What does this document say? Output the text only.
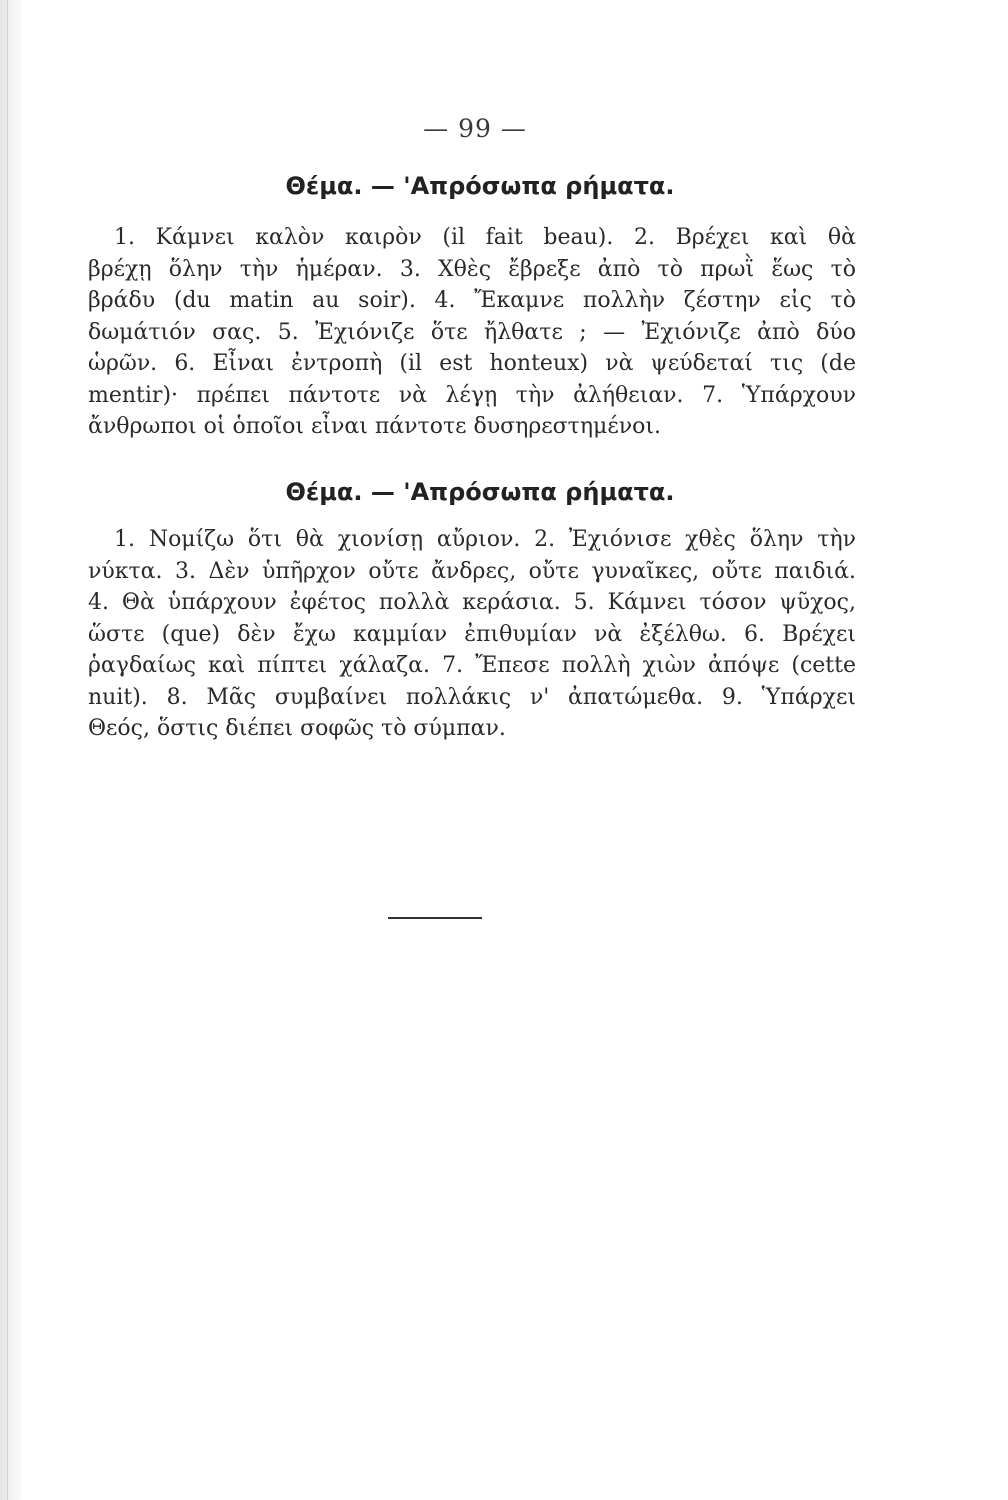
— 99 —
Θέμα. — 'Απρόσωπα ρήματα.
1. Κάμνει καλὸν καιρὸν (il fait beau). 2. Βρέχει καὶ θὰ
βρέχῃ ὅλην τὴν ἡμέραν. 3. Χθὲς ἔβρεξε ἀπὸ τὸ πρωῒ ἕως τὸ
βράδυ (du matin au soir). 4. Ἔκαμνε πολλὴν ζέστην εἰς τὸ
δωμάτιόν σας. 5. Ἐχιόνιζε ὅτε ἤλθατε ; — Ἐχιόνιζε ἀπὸ δύο
ὡρῶν. 6. Εἶναι ἐντροπὴ (il est honteux) νὰ ψεύδεταί τις (de
mentir)· πρέπει πάντοτε νὰ λέγῃ τὴν ἀλήθειαν. 7. Ὑπάρχουν
ἄνθρωποι οἱ ὁποῖοι εἶναι πάντοτε δυσηρεστημένοι.
Θέμα. — 'Απρόσωπα ρήματα.
1. Νομίζω ὅτι θὰ χιονίσῃ αὔριον. 2. Ἐχιόνισε χθὲς ὅλην τὴν
νύκτα. 3. Δὲν ὑπῆρχον οὔτε ἄνδρες, οὔτε γυναῖκες, οὔτε παιδιά.
4. Θὰ ὑπάρχουν ἐφέτος πολλὰ κεράσια. 5. Κάμνει τόσον ψῦχος,
ὥστε (que) δὲν ἔχω καμμίαν ἐπιθυμίαν νὰ ἐξέλθω. 6. Βρέχει
ῥαγδαίως καὶ πίπτει χάλαζα. 7. Ἔπεσε πολλὴ χιὼν ἀπόψε (cette
nuit). 8. Μᾶς συμβαίνει πολλάκις ν' ἀπατώμεθα. 9. Ὑπάρχει
Θεός, ὅστις διέπει σοφῶς τὸ σύμπαν.
